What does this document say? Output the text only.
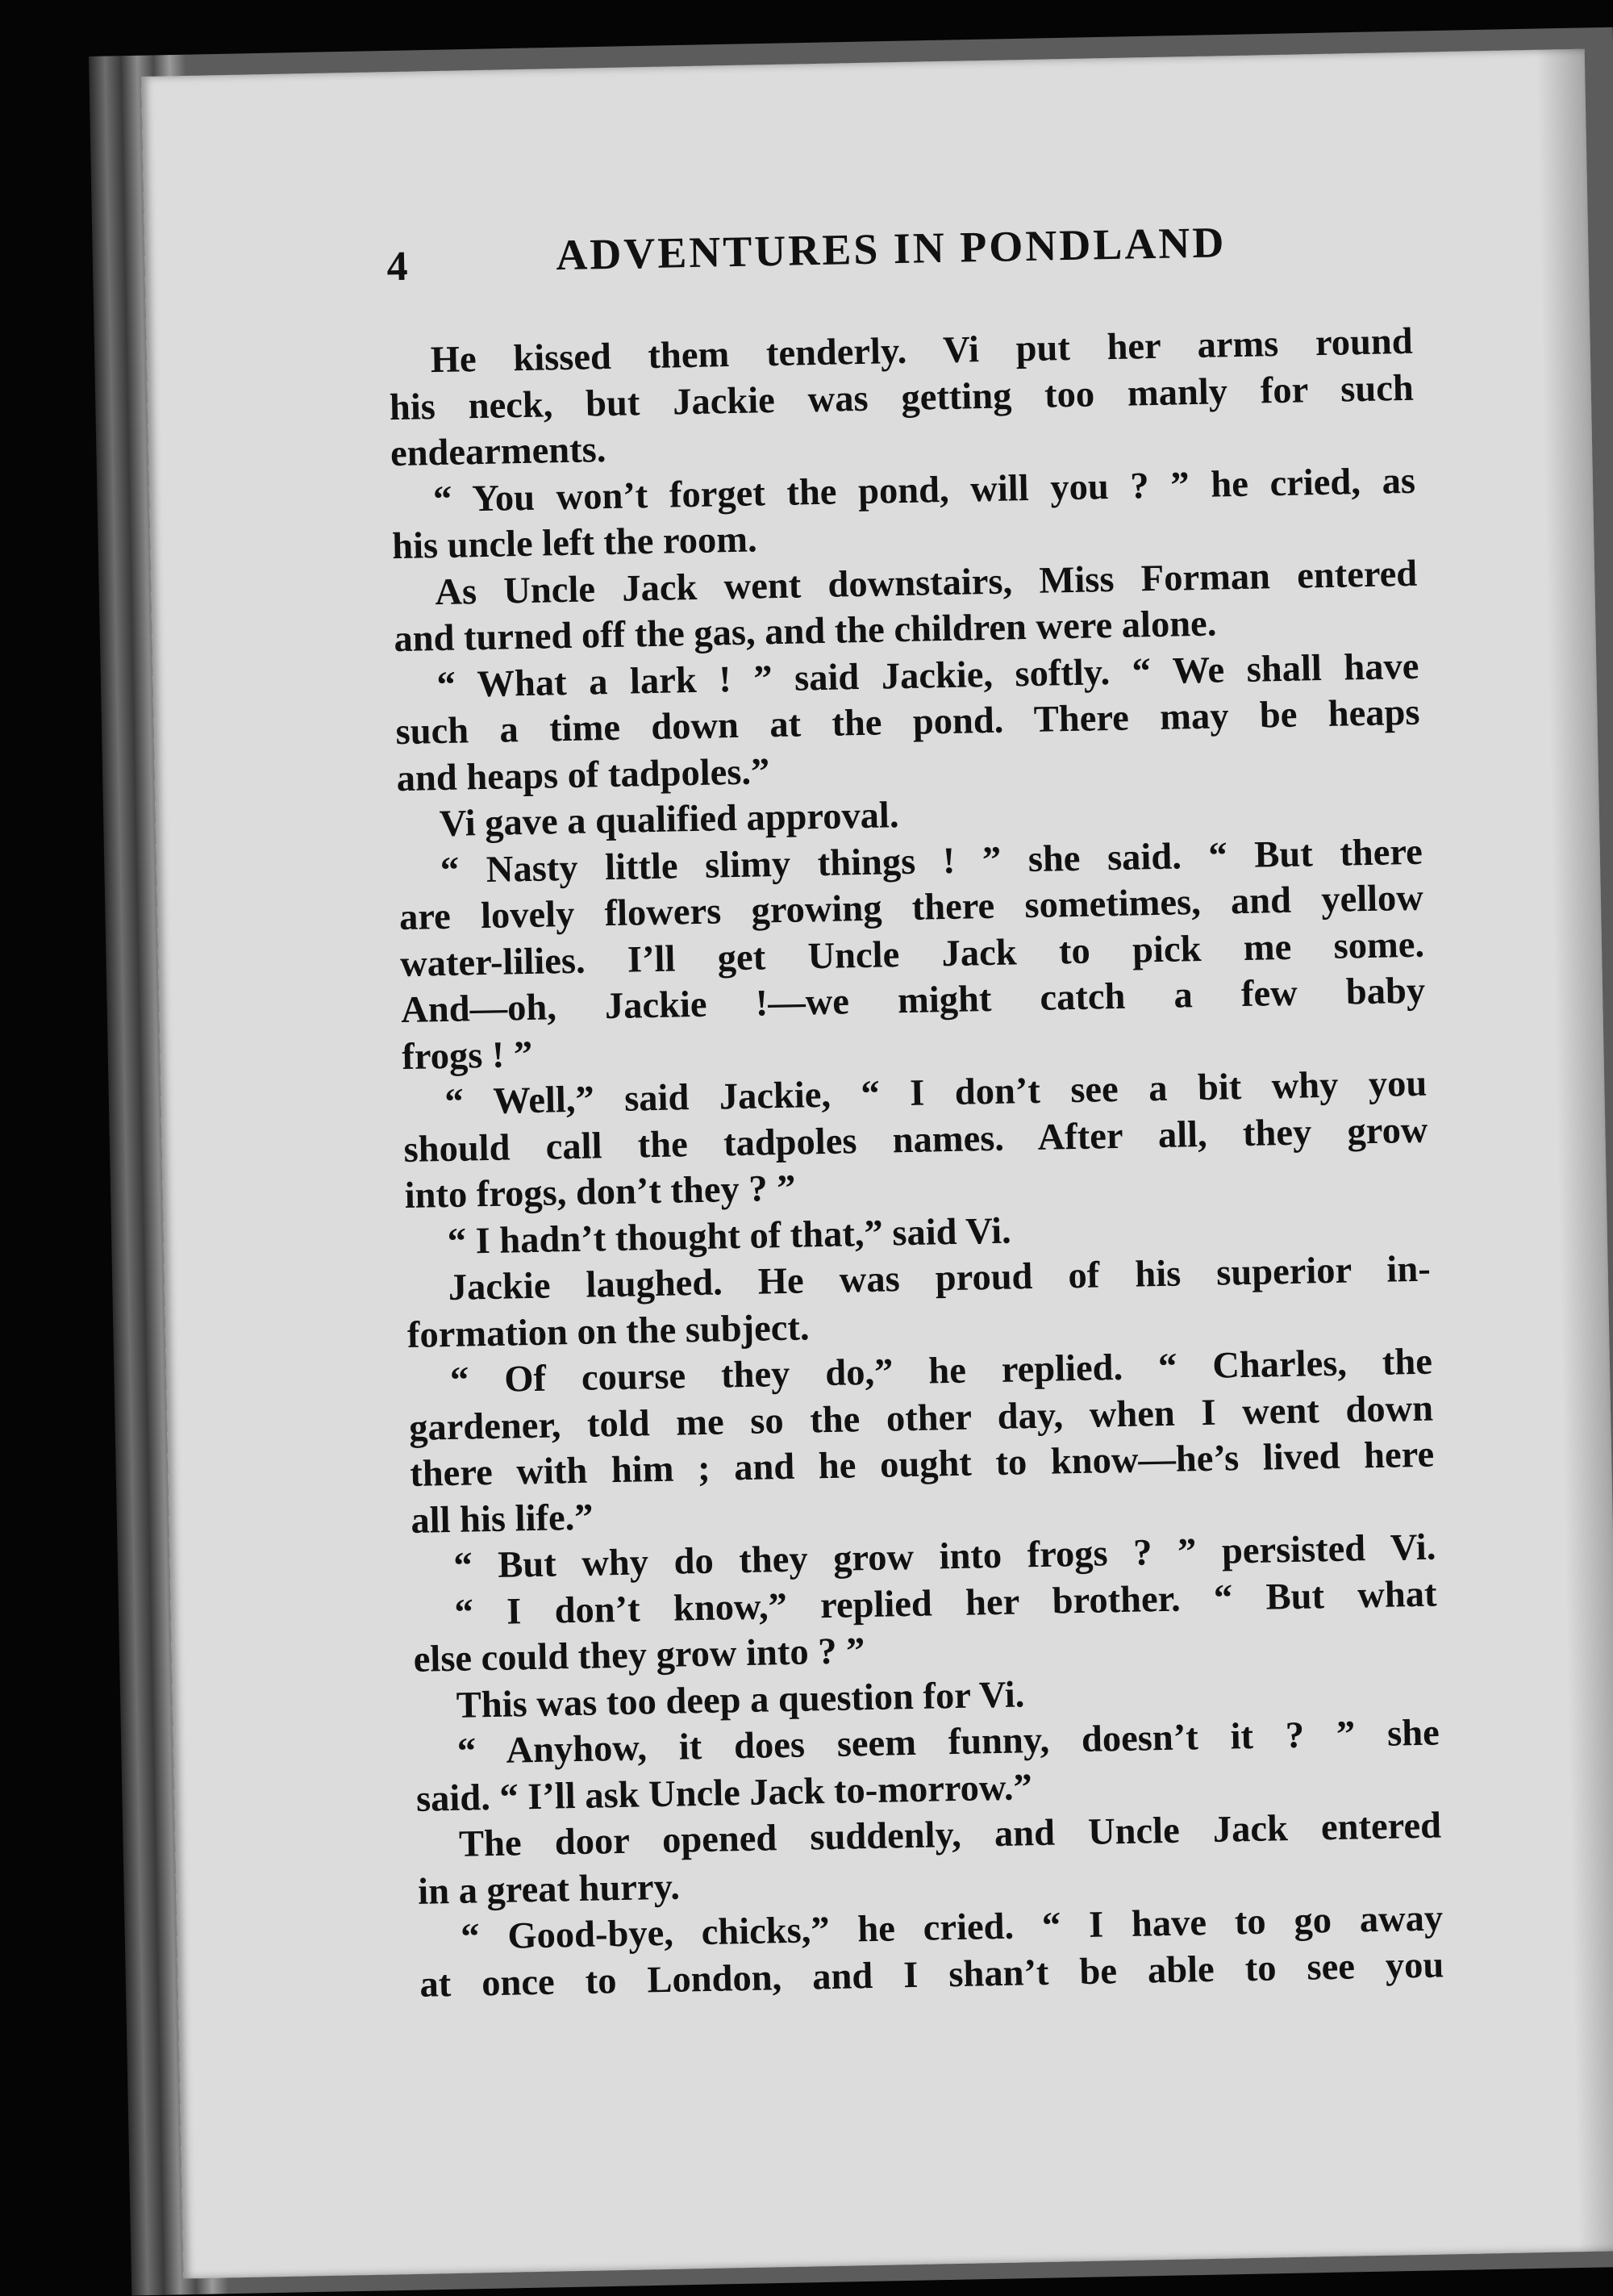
4	ADVENTURES IN PONDLAND
He kissed them tenderly. Vi put her arms round
his neck, but Jackie was getting too manly for such
endearments.
“ You won’t forget the pond, will you ? ” he cried, as
his uncle left the room.
As Uncle Jack went downstairs, Miss Forman entered
and turned off the gas, and the children were alone.
“ What a lark ! ” said Jackie, softly. “ We shall have
such a time down at the pond. There may be heaps
and heaps of tadpoles.”
Vi gave a qualified approval.
“ Nasty little slimy things ! ” she said. “ But there
are lovely flowers growing there sometimes, and yellow
water-lilies. I’ll get Uncle Jack to pick me some.
And—oh, Jackie !—we might catch a few baby
frogs ! ”
“ Well,” said Jackie, “ I don’t see a bit why you
should call the tadpoles names. After all, they grow
into frogs, don’t they ? ”
“ I hadn’t thought of that,” said Vi.
Jackie laughed. He was proud of his superior in-
formation on the subject.
“ Of course they do,” he replied. “ Charles, the
gardener, told me so the other day, when I went down
there with him ; and he ought to know—he’s lived here
all his life.”
“ But why do they grow into frogs ? ” persisted Vi.
“ I don’t know,” replied her brother. “ But what
else could they grow into ? ”
This was too deep a question for Vi.
“ Anyhow, it does seem funny, doesn’t it ? ” she
said. “ I’ll ask Uncle Jack to-morrow.”
The door opened suddenly, and Uncle Jack entered
in a great hurry.
“ Good-bye, chicks,” he cried. “ I have to go away
at once to London, and I shan’t be able to see you
